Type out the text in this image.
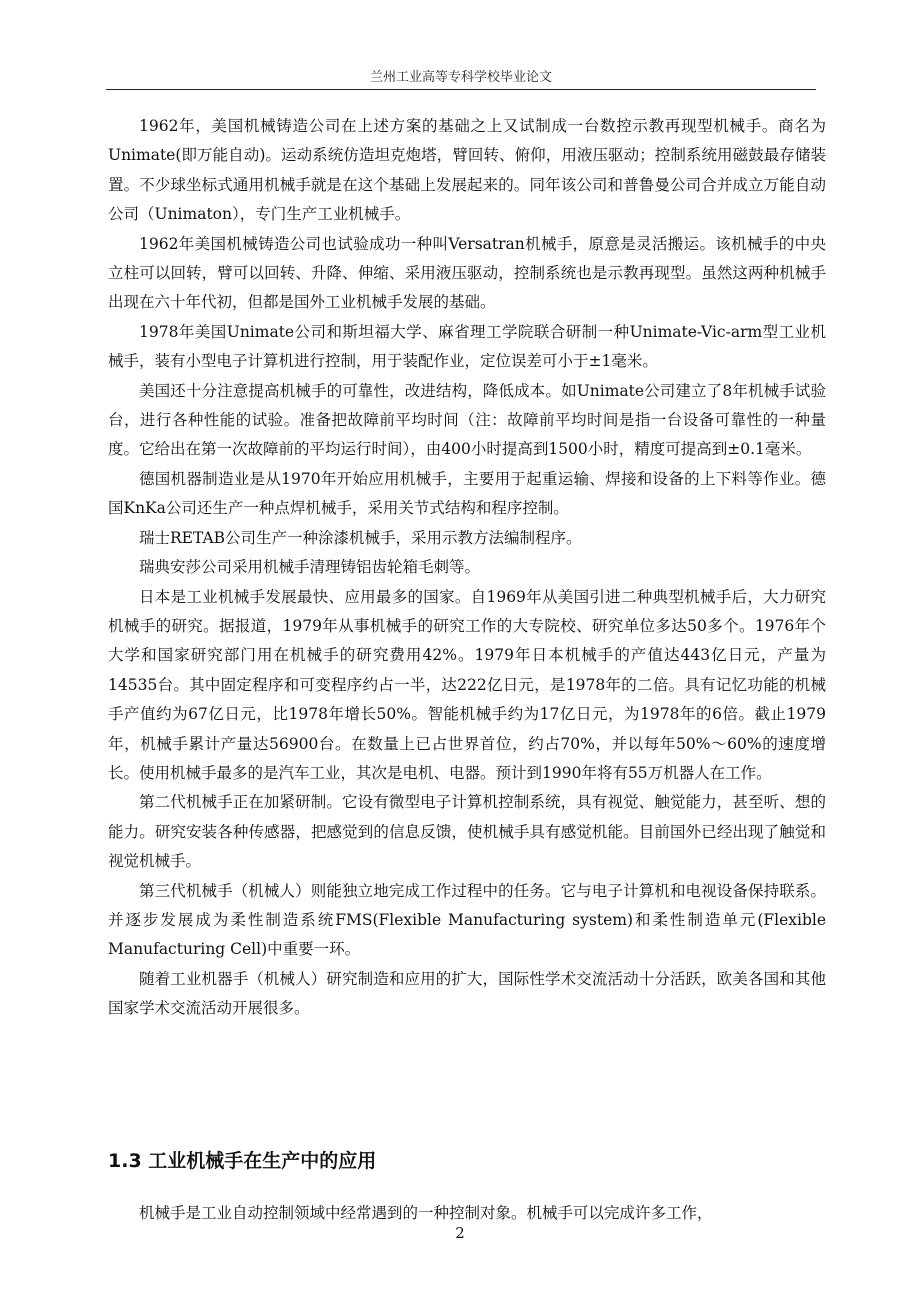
兰州工业高等专科学校毕业论文

1962年，美国机械铸造公司在上述方案的基础之上又试制成一台数控示教再现型机械手。商名为Unimate(即万能自动)。运动系统仿造坦克炮塔，臂回转、俯仰，用液压驱动；控制系统用磁鼓最存储装置。不少球坐标式通用机械手就是在这个基础上发展起来的。同年该公司和普鲁曼公司合并成立万能自动公司（Unimaton），专门生产工业机械手。

1962年美国机械铸造公司也试验成功一种叫Versatran机械手，原意是灵活搬运。该机械手的中央立柱可以回转，臂可以回转、升降、伸缩、采用液压驱动，控制系统也是示教再现型。虽然这两种机械手出现在六十年代初，但都是国外工业机械手发展的基础。

1978年美国Unimate公司和斯坦福大学、麻省理工学院联合研制一种Unimate-Vic-arm型工业机械手，装有小型电子计算机进行控制，用于装配作业，定位误差可小于±1毫米。

美国还十分注意提高机械手的可靠性，改进结构，降低成本。如Unimate公司建立了8年机械手试验台，进行各种性能的试验。准备把故障前平均时间（注：故障前平均时间是指一台设备可靠性的一种量度。它给出在第一次故障前的平均运行时间），由400小时提高到1500小时，精度可提高到±0.1毫米。

德国机器制造业是从1970年开始应用机械手，主要用于起重运输、焊接和设备的上下料等作业。德国KnKa公司还生产一种点焊机械手，采用关节式结构和程序控制。

瑞士RETAB公司生产一种涂漆机械手，采用示教方法编制程序。

瑞典安莎公司采用机械手清理铸铝齿轮箱毛刺等。

日本是工业机械手发展最快、应用最多的国家。自1969年从美国引进二种典型机械手后，大力研究机械手的研究。据报道，1979年从事机械手的研究工作的大专院校、研究单位多达50多个。1976年个大学和国家研究部门用在机械手的研究费用42%。1979年日本机械手的产值达443亿日元，产量为14535台。其中固定程序和可变程序约占一半，达222亿日元，是1978年的二倍。具有记忆功能的机械手产值约为67亿日元，比1978年增长50%。智能机械手约为17亿日元，为1978年的6倍。截止1979年，机械手累计产量达56900台。在数量上已占世界首位，约占70%，并以每年50%～60%的速度增长。使用机械手最多的是汽车工业，其次是电机、电器。预计到1990年将有55万机器人在工作。

第二代机械手正在加紧研制。它设有微型电子计算机控制系统，具有视觉、触觉能力，甚至听、想的能力。研究安装各种传感器，把感觉到的信息反馈，使机械手具有感觉机能。目前国外已经出现了触觉和视觉机械手。

第三代机械手（机械人）则能独立地完成工作过程中的任务。它与电子计算机和电视设备保持联系。并逐步发展成为柔性制造系统FMS(Flexible Manufacturing system)和柔性制造单元(Flexible Manufacturing Cell)中重要一环。

随着工业机器手（机械人）研究制造和应用的扩大，国际性学术交流活动十分活跃，欧美各国和其他国家学术交流活动开展很多。

1.3 工业机械手在生产中的应用

机械手是工业自动控制领域中经常遇到的一种控制对象。机械手可以完成许多工作，

2
